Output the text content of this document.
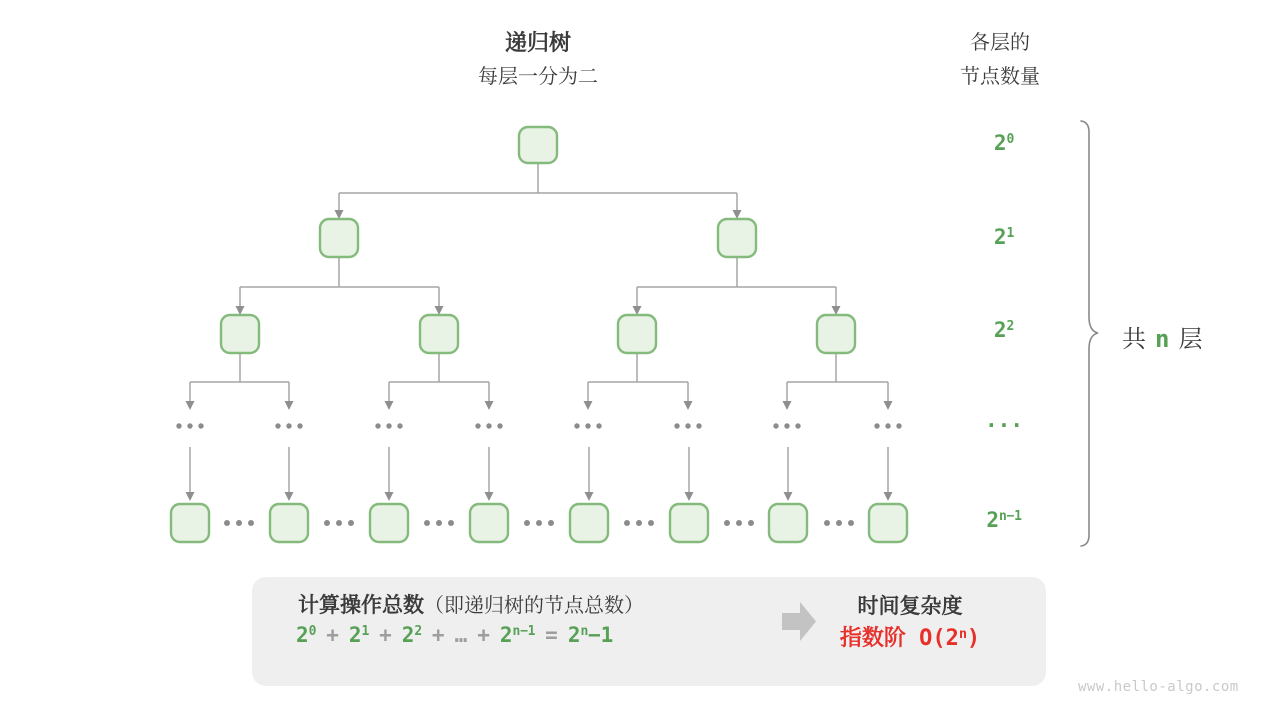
递归树
每层一分为二
各层的
节点数量
$2^0$
$2^1$
$2^2$
...
$2^{n-1}$
共 n 层
计算操作总数（即递归树的节点总数）
$2^0 + 2^1 + 2^2$ + … + $2^{n-1} = 2^n-1$
时间复杂度
指数阶 O(2$^n$)
www.hello-algo.com
